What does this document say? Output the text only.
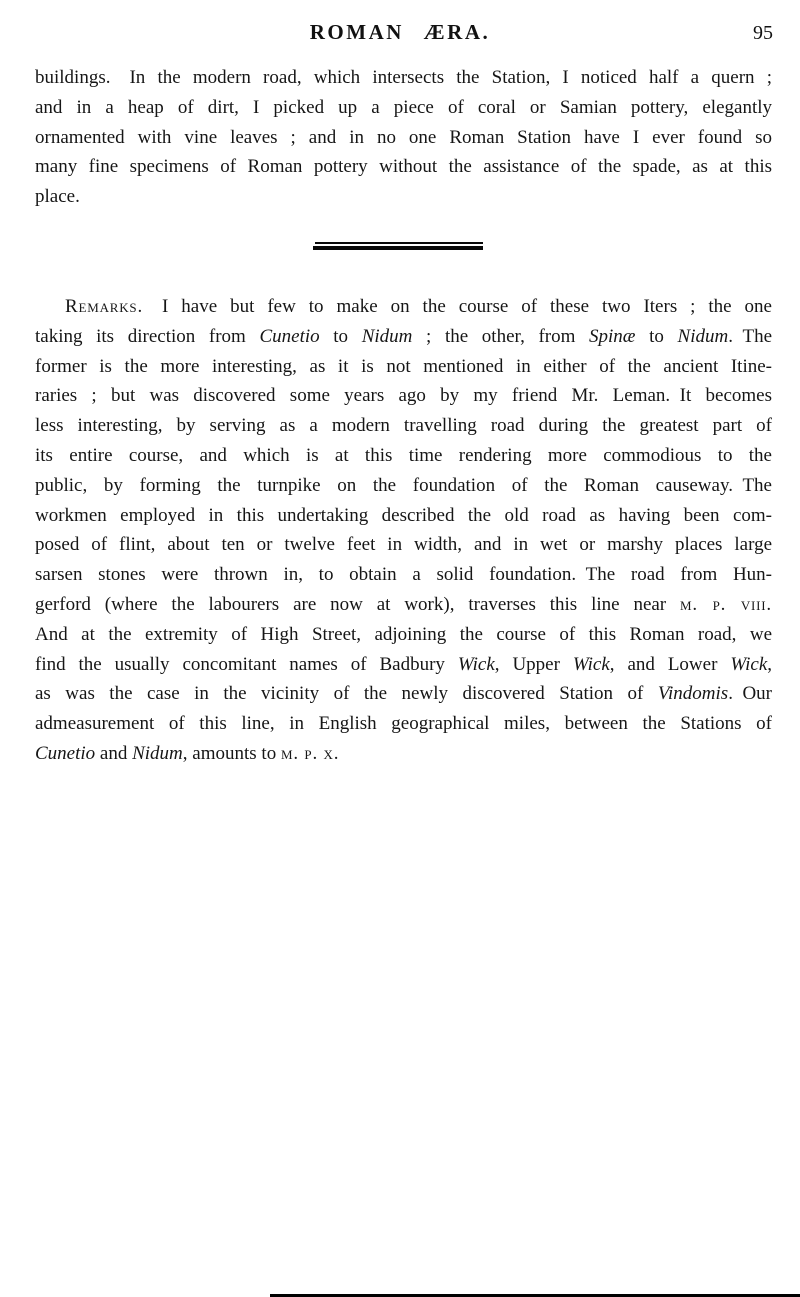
ROMAN ÆRA.	95
buildings. In the modern road, which intersects the Station, I noticed half a quern ;
and in a heap of dirt, I picked up a piece of coral or Samian pottery, elegantly
ornamented with vine leaves ; and in no one Roman Station have I ever found so
many fine specimens of Roman pottery without the assistance of the spade, as at this
place.
Remarks. I have but few to make on the course of these two Iters ; the one
taking its direction from Cunetio to Nidum ; the other, from Spinæ to Nidum. The
former is the more interesting, as it is not mentioned in either of the ancient Itine-
raries ; but was discovered some years ago by my friend Mr. Leman. It becomes
less interesting, by serving as a modern travelling road during the greatest part of
its entire course, and which is at this time rendering more commodious to the
public, by forming the turnpike on the foundation of the Roman causeway. The
workmen employed in this undertaking described the old road as having been com-
posed of flint, about ten or twelve feet in width, and in wet or marshy places large
sarsen stones were thrown in, to obtain a solid foundation. The road from Hun-
gerford (where the labourers are now at work), traverses this line near m. p. viii.
And at the extremity of High Street, adjoining the course of this Roman road, we
find the usually concomitant names of Badbury Wick, Upper Wick, and Lower Wick,
as was the case in the vicinity of the newly discovered Station of Vindomis. Our
admeasurement of this line, in English geographical miles, between the Stations of
Cunetio and Nidum, amounts to m. p. x.
